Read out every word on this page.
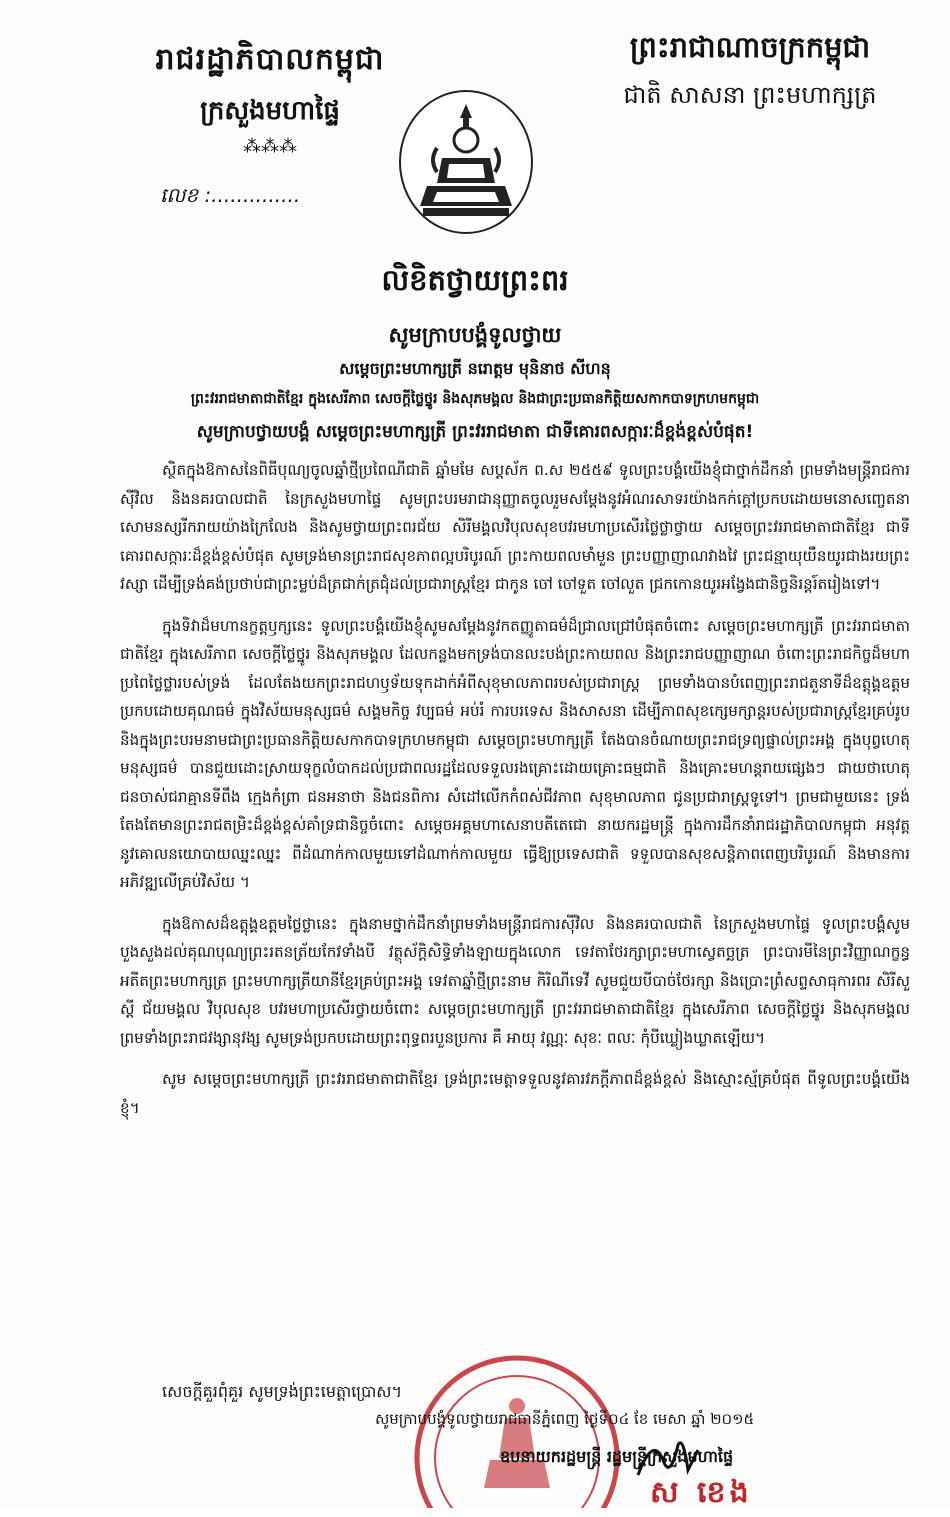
រាជរដ្ឋាភិបាលកម្ពុជា
ក្រសួងមហាផ្ទៃ
⁂⁂⁂
លេខ :..............
ព្រះរាជាណាចក្រកម្ពុជា
ជាតិ សាសនា ព្រះមហាក្សត្រ
លិខិតថ្វាយព្រះពរ
សូមក្រាបបង្គំទូលថ្វាយ
សម្តេចព្រះមហាក្សត្រី នរោត្តម មុនិនាថ សីហនុ
ព្រះវររាជមាតាជាតិខ្មែរ ក្នុងសេរីភាព សេចក្តីថ្លៃថ្នូរ និងសុភមង្គល និងជាព្រះប្រធានកិត្តិយសកាកបាទក្រហមកម្ពុជា
សូមក្រាបថ្វាយបង្គំ សម្តេចព្រះមហាក្សត្រី ព្រះវររាជមាតា ជាទីគោរពសក្ការៈដ៏ខ្ពង់ខ្ពស់បំផុត!

ស្ថិតក្នុងឱកាសនៃពិធីបុណ្យចូលឆ្នាំថ្មីប្រពៃណីជាតិ ឆ្នាំមមែ សប្តស័ក ព.ស ២៥៥៩ ទូលព្រះបង្គំយើងខ្ញុំជាថ្នាក់ដឹកនាំ ព្រមទាំងមន្ត្រីរាជការស៊ីវិល និងនគរបាលជាតិ នៃក្រសួងមហាផ្ទៃ សូមព្រះបរមរាជានុញ្ញាតចូលរួមសម្តែងនូវអំណរសាទរយ៉ាងកក់ក្តៅប្រកបដោយមនោសញ្ចេតនាសោមនស្សរីករាយយ៉ាងក្រៃលែង និងសូមថ្វាយព្រះពរជ័យ សិរីមង្គលវិបុលសុខបវរមហាប្រសើរថ្លៃថ្លាថ្វាយ សម្តេចព្រះវររាជមាតាជាតិខ្មែរ ជាទីគោរពសក្ការៈដ៏ខ្ពង់ខ្ពស់បំផុត សូមទ្រង់មានព្រះរាជសុខភាពល្អបរិបូរណ៍ ព្រះកាយពលមាំមួន ព្រះបញ្ញាញាណវាងវៃ ព្រះជន្មាយុយឺនយូរជាងរយព្រះវស្សា ដើម្បីទ្រង់គង់ប្រថាប់ជាព្រះម្លប់ដ៏ត្រជាក់ត្រជុំដល់ប្រជារាស្ត្រខ្មែរ ជាកូន ចៅ ចៅទួត ចៅលួត ជ្រកកោនយូរអង្វែងជានិច្ចនិរន្តរ៍តរៀងទៅ។

ក្នុងទិវាដ៏មហានក្ខត្តឫក្សនេះ ទូលព្រះបង្គំយើងខ្ញុំសូមសម្តែងនូវកតញ្ញូតាធម៌ដ៏ជ្រាលជ្រៅបំផុតចំពោះ សម្តេចព្រះមហាក្សត្រី ព្រះវររាជមាតាជាតិខ្មែរ ក្នុងសេរីភាព សេចក្តីថ្លៃថ្នូរ និងសុភមង្គល ដែលកន្លងមកទ្រង់បានលះបង់ព្រះកាយពល និងព្រះរាជបញ្ញាញាណ ចំពោះព្រះរាជកិច្ចដ៏មហាប្រពៃថ្លៃថ្លារបស់ទ្រង់ ដែលតែងយកព្រះរាជហឫទ័យទុកដាក់អំពីសុខុមាលភាពរបស់ប្រជារាស្ត្រ ព្រមទាំងបានបំពេញព្រះរាជតួនាទីដ៏ឧត្តុង្គឧត្តម ប្រកបដោយគុណធម៌ ក្នុងវិស័យមនុស្សធម៌ សង្គមកិច្ច វប្បធម៌ អប់រំ ការបរទេស និងសាសនា ដើម្បីភាពសុខក្សេមក្សាន្តរបស់ប្រជារាស្ត្រខ្មែរគ្រប់រូប និងក្នុងព្រះបរមនាមជាព្រះប្រធានកិត្តិយសកាកបាទក្រហមកម្ពុជា សម្តេចព្រះមហាក្សត្រី តែងបានចំណាយព្រះរាជទ្រព្យផ្ទាល់ព្រះអង្គ ក្នុងបុព្វហេតុមនុស្សធម៌ បានជួយដោះស្រាយទុក្ខលំបាកដល់ប្រជាពលរដ្ឋដែលទទួលរងគ្រោះដោយគ្រោះធម្មជាតិ និងគ្រោះមហន្តរាយផ្សេងៗ ជាយថាហេតុ ជនចាស់ជរាគ្មានទីពឹង ក្មេងកំព្រា ជនអនាថា និងជនពិការ សំដៅលើកកំពស់ជីវភាព សុខុមាលភាព ជូនប្រជារាស្ត្រទូទៅ។ ព្រមជាមួយនេះ ទ្រង់តែងតែមានព្រះរាជតម្រិះដ៏ខ្ពង់ខ្ពស់គាំទ្រជានិច្ចចំពោះ សម្តេចអគ្គមហាសេនាបតីតេជោ នាយករដ្ឋមន្ត្រី ក្នុងការដឹកនាំរាជរដ្ឋាភិបាលកម្ពុជា អនុវត្តនូវគោលនយោបាយឈ្នះឈ្នះ ពីដំណាក់កាលមួយទៅដំណាក់កាលមួយ ធ្វើឱ្យប្រទេសជាតិ ទទួលបានសុខសន្តិភាពពេញបរិបូរណ៍ និងមានការអភិវឌ្ឍលើគ្រប់វិស័យ ។

ក្នុងឱកាសដ៏ឧត្តុង្គឧត្តមថ្លៃថ្លានេះ ក្នុងនាមថ្នាក់ដឹកនាំព្រមទាំងមន្ត្រីរាជការស៊ីវិល និងនគរបាលជាតិ នៃក្រសួងមហាផ្ទៃ ទូលព្រះបង្គំសូមបួងសួងដល់គុណបុណ្យព្រះរតនត្រ័យកែវទាំងបី វត្ថុស័ក្តិសិទ្ធិទាំងឡាយក្នុងលោក ទេវតាថែរក្សាព្រះមហាស្វេតច្ឆត្រ ព្រះបារមីនៃព្រះវិញ្ញាណក្ខន្ធអតីតព្រះមហាក្សត្រ ព្រះមហាក្សត្រីយានីខ្មែរគ្រប់ព្រះអង្គ ទេវតាឆ្នាំថ្មីព្រះនាម កិរិណីទេវី សូមជួយបីបាច់ថែរក្សា និងប្រោះព្រំសព្ទសាធុការពរ សិរីសួស្តី ជ័យមង្គល វិបុលសុខ បវរមហាប្រសើរថ្វាយចំពោះ សម្តេចព្រះមហាក្សត្រី ព្រះវររាជមាតាជាតិខ្មែរ ក្នុងសេរីភាព សេចក្តីថ្លៃថ្នូរ និងសុភមង្គល ព្រមទាំងព្រះរាជវង្សានុវង្ស សូមទ្រង់ប្រកបដោយព្រះពុទ្ធពរបួនប្រការ គឺ អាយុ វណ្ណៈ សុខៈ ពលៈ កុំបីឃ្លៀងឃ្លាតឡើយ។

សូម សម្តេចព្រះមហាក្សត្រី ព្រះវររាជមាតាជាតិខ្មែរ ទ្រង់ព្រះមេត្តាទទួលនូវគារវភក្តីភាពដ៏ខ្ពង់ខ្ពស់ និងស្មោះស្ម័គ្របំផុត ពីទូលព្រះបង្គំយើងខ្ញុំ។

សេចក្តីគួរពុំគួរ សូមទ្រង់ព្រះមេត្តាប្រោស។
សូមក្រាបបង្គំទូលថ្វាយរាជធានីភ្នំពេញ ថ្ងៃទី០៤ ខែ មេសា ឆ្នាំ ២០១៥
ឧបនាយករដ្ឋមន្ត្រី រដ្ឋមន្ត្រីក្រសួងមហាផ្ទៃ
ស ខេង
